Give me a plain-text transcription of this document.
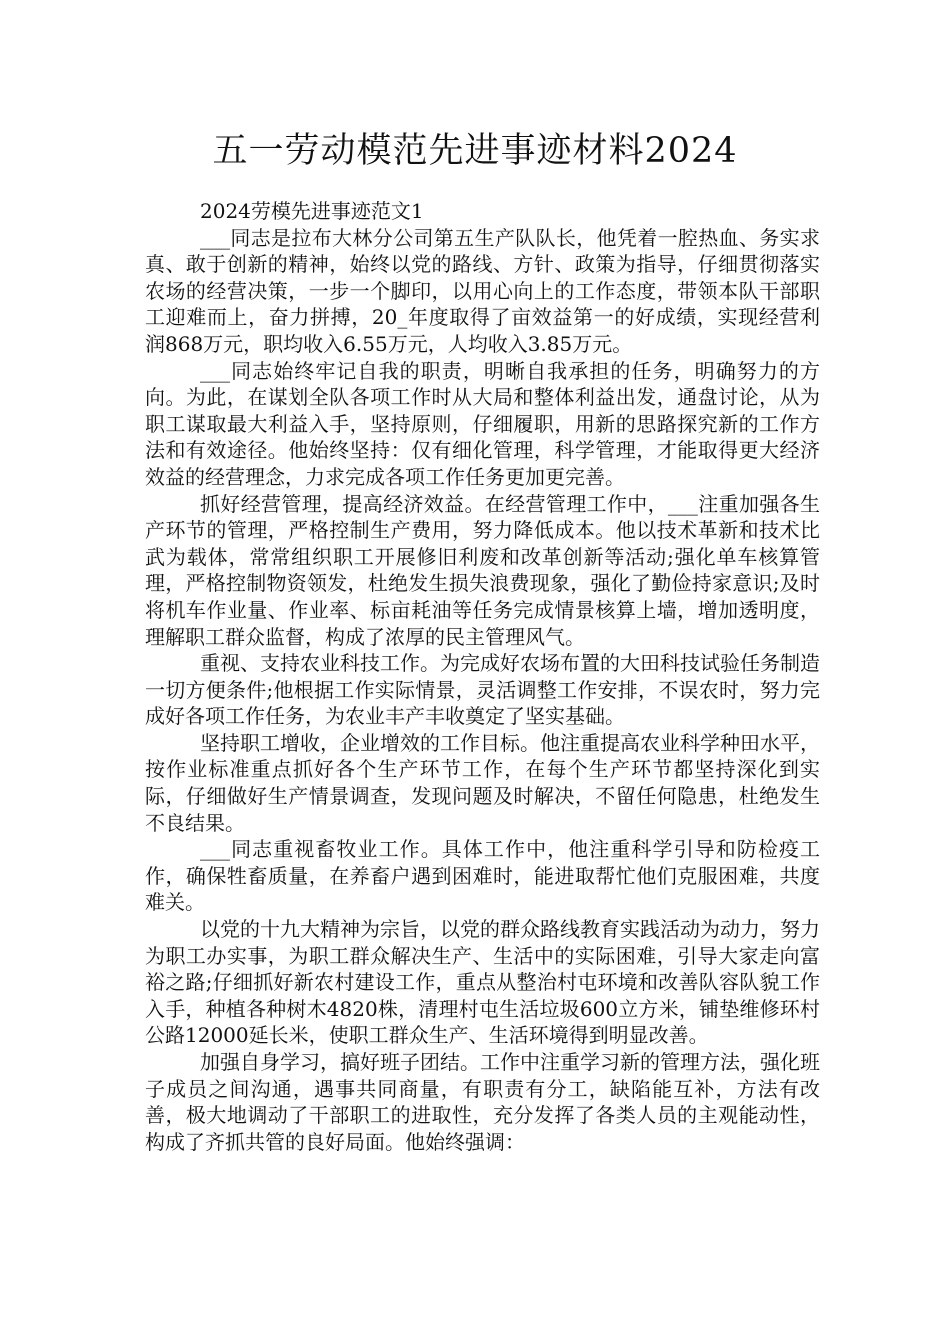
五一劳动模范先进事迹材料2024

2024劳模先进事迹范文1

___同志是拉布大林分公司第五生产队队长，他凭着一腔热血、务实求真、敢于创新的精神，始终以党的路线、方针、政策为指导，仔细贯彻落实农场的经营决策，一步一个脚印，以用心向上的工作态度，带领本队干部职工迎难而上，奋力拼搏，20_年度取得了亩效益第一的好成绩，实现经营利润868万元，职均收入6.55万元，人均收入3.85万元。

___同志始终牢记自我的职责，明晰自我承担的任务，明确努力的方向。为此，在谋划全队各项工作时从大局和整体利益出发，通盘讨论，从为职工谋取最大利益入手，坚持原则，仔细履职，用新的思路探究新的工作方法和有效途径。他始终坚持：仅有细化管理，科学管理，才能取得更大经济效益的经营理念，力求完成各项工作任务更加更完善。

抓好经营管理，提高经济效益。在经营管理工作中，___注重加强各生产环节的管理，严格控制生产费用，努力降低成本。他以技术革新和技术比武为载体，常常组织职工开展修旧利废和改革创新等活动;强化单车核算管理，严格控制物资领发，杜绝发生损失浪费现象，强化了勤俭持家意识;及时将机车作业量、作业率、标亩耗油等任务完成情景核算上墙，增加透明度，理解职工群众监督，构成了浓厚的民主管理风气。

重视、支持农业科技工作。为完成好农场布置的大田科技试验任务制造一切方便条件;他根据工作实际情景，灵活调整工作安排，不误农时，努力完成好各项工作任务，为农业丰产丰收奠定了坚实基础。

坚持职工增收，企业增效的工作目标。他注重提高农业科学种田水平，按作业标准重点抓好各个生产环节工作，在每个生产环节都坚持深化到实际，仔细做好生产情景调查，发现问题及时解决，不留任何隐患，杜绝发生不良结果。

___同志重视畜牧业工作。具体工作中，他注重科学引导和防检疫工作，确保牲畜质量，在养畜户遇到困难时，能进取帮忙他们克服困难，共度难关。

以党的十九大精神为宗旨，以党的群众路线教育实践活动为动力，努力为职工办实事，为职工群众解决生产、生活中的实际困难，引导大家走向富裕之路;仔细抓好新农村建设工作，重点从整治村屯环境和改善队容队貌工作入手，种植各种树木4820株，清理村屯生活垃圾600立方米，铺垫维修环村公路12000延长米，使职工群众生产、生活环境得到明显改善。

加强自身学习，搞好班子团结。工作中注重学习新的管理方法，强化班子成员之间沟通，遇事共同商量，有职责有分工，缺陷能互补，方法有改善，极大地调动了干部职工的进取性，充分发挥了各类人员的主观能动性，构成了齐抓共管的良好局面。他始终强调：
